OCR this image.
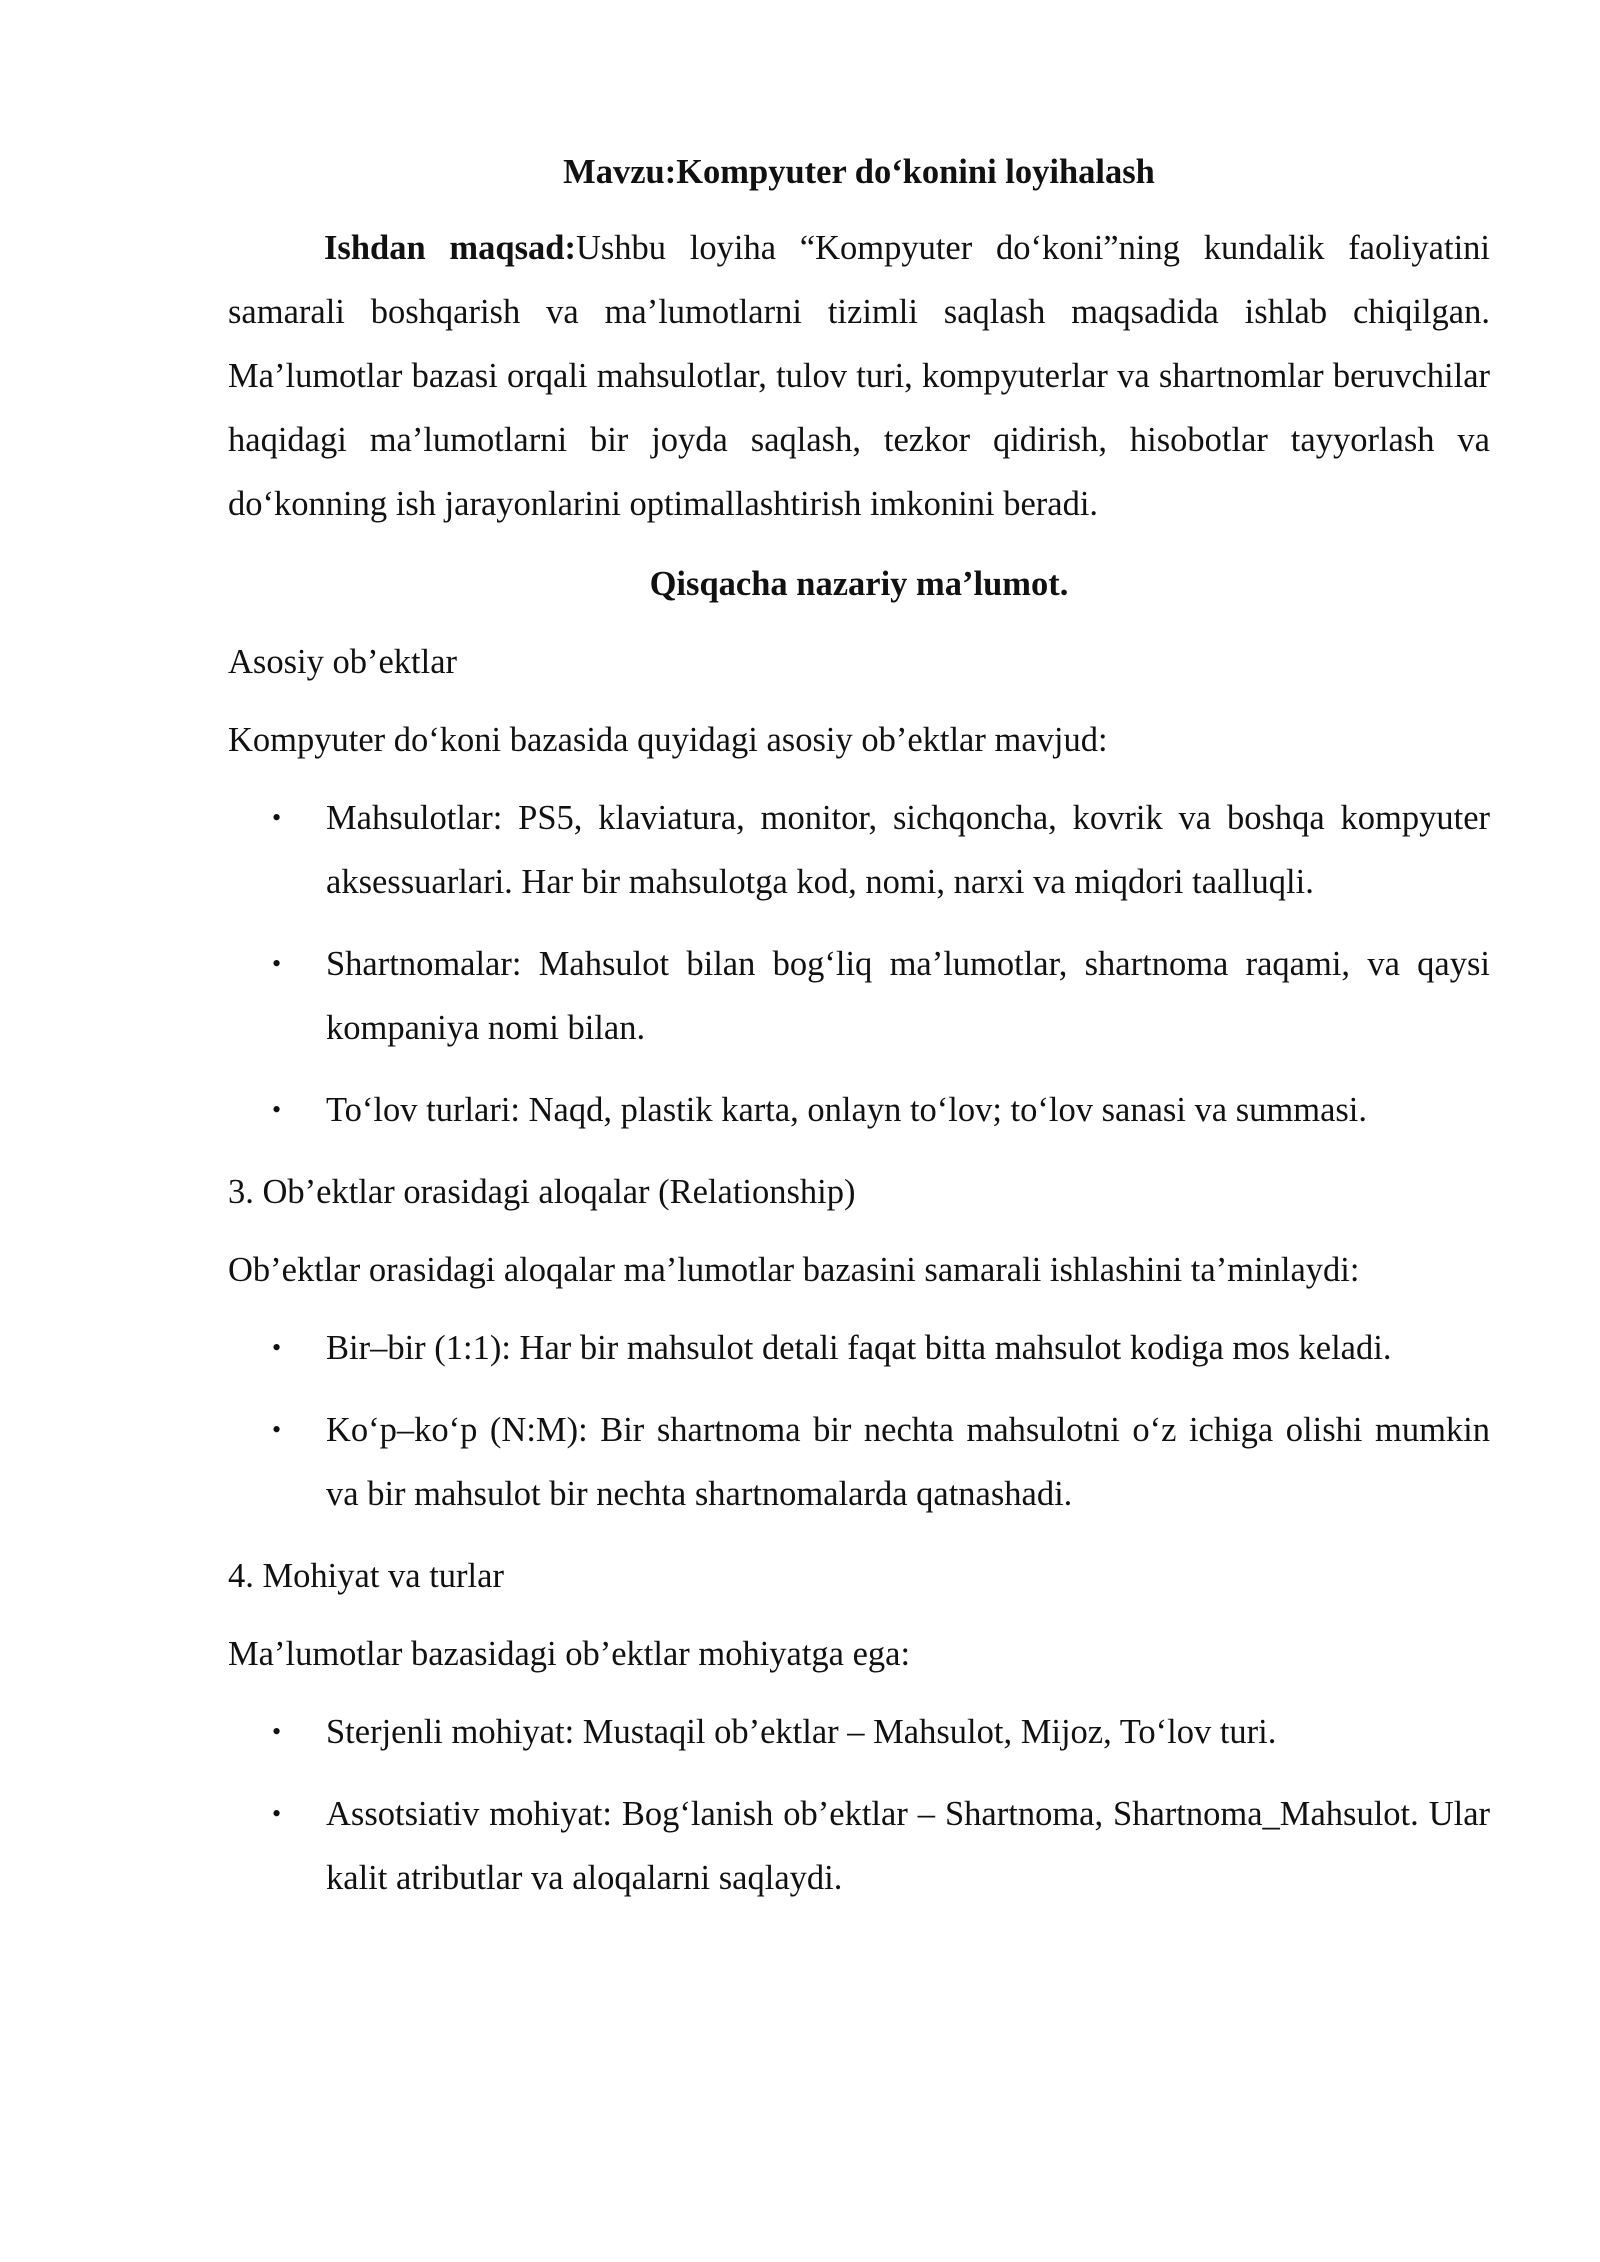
Mavzu:Kompyuter do‘konini loyihalash

Ishdan maqsad:Ushbu loyiha “Kompyuter do‘koni”ning kundalik faoliyatini samarali boshqarish va ma’lumotlarni tizimli saqlash maqsadida ishlab chiqilgan. Ma’lumotlar bazasi orqali mahsulotlar, tulov turi, kompyuterlar va shartnomlar beruvchilar haqidagi ma’lumotlarni bir joyda saqlash, tezkor qidirish, hisobotlar tayyorlash va do‘konning ish jarayonlarini optimallashtirish imkonini beradi.

Qisqacha nazariy ma’lumot.
Asosiy ob’ektlar
Kompyuter do‘koni bazasida quyidagi asosiy ob’ektlar mavjud:
• Mahsulotlar: PS5, klaviatura, monitor, sichqoncha, kovrik va boshqa kompyuter aksessuarlari. Har bir mahsulotga kod, nomi, narxi va miqdori taalluqli.
• Shartnomalar: Mahsulot bilan bog‘liq ma’lumotlar, shartnoma raqami, va qaysi kompaniya nomi bilan.
• To‘lov turlari: Naqd, plastik karta, onlayn to‘lov; to‘lov sanasi va summasi.
3. Ob’ektlar orasidagi aloqalar (Relationship)
Ob’ektlar orasidagi aloqalar ma’lumotlar bazasini samarali ishlashini ta’minlaydi:
• Bir–bir (1:1): Har bir mahsulot detali faqat bitta mahsulot kodiga mos keladi.
• Ko‘p–ko‘p (N:M): Bir shartnoma bir nechta mahsulotni o‘z ichiga olishi mumkin va bir mahsulot bir nechta shartnomalarda qatnashadi.
4. Mohiyat va turlar
Ma’lumotlar bazasidagi ob’ektlar mohiyatga ega:
• Sterjenli mohiyat: Mustaqil ob’ektlar – Mahsulot, Mijoz, To‘lov turi.
• Assotsiativ mohiyat: Bog‘lanish ob’ektlar – Shartnoma, Shartnoma_Mahsulot. Ular kalit atributlar va aloqalarni saqlaydi.
